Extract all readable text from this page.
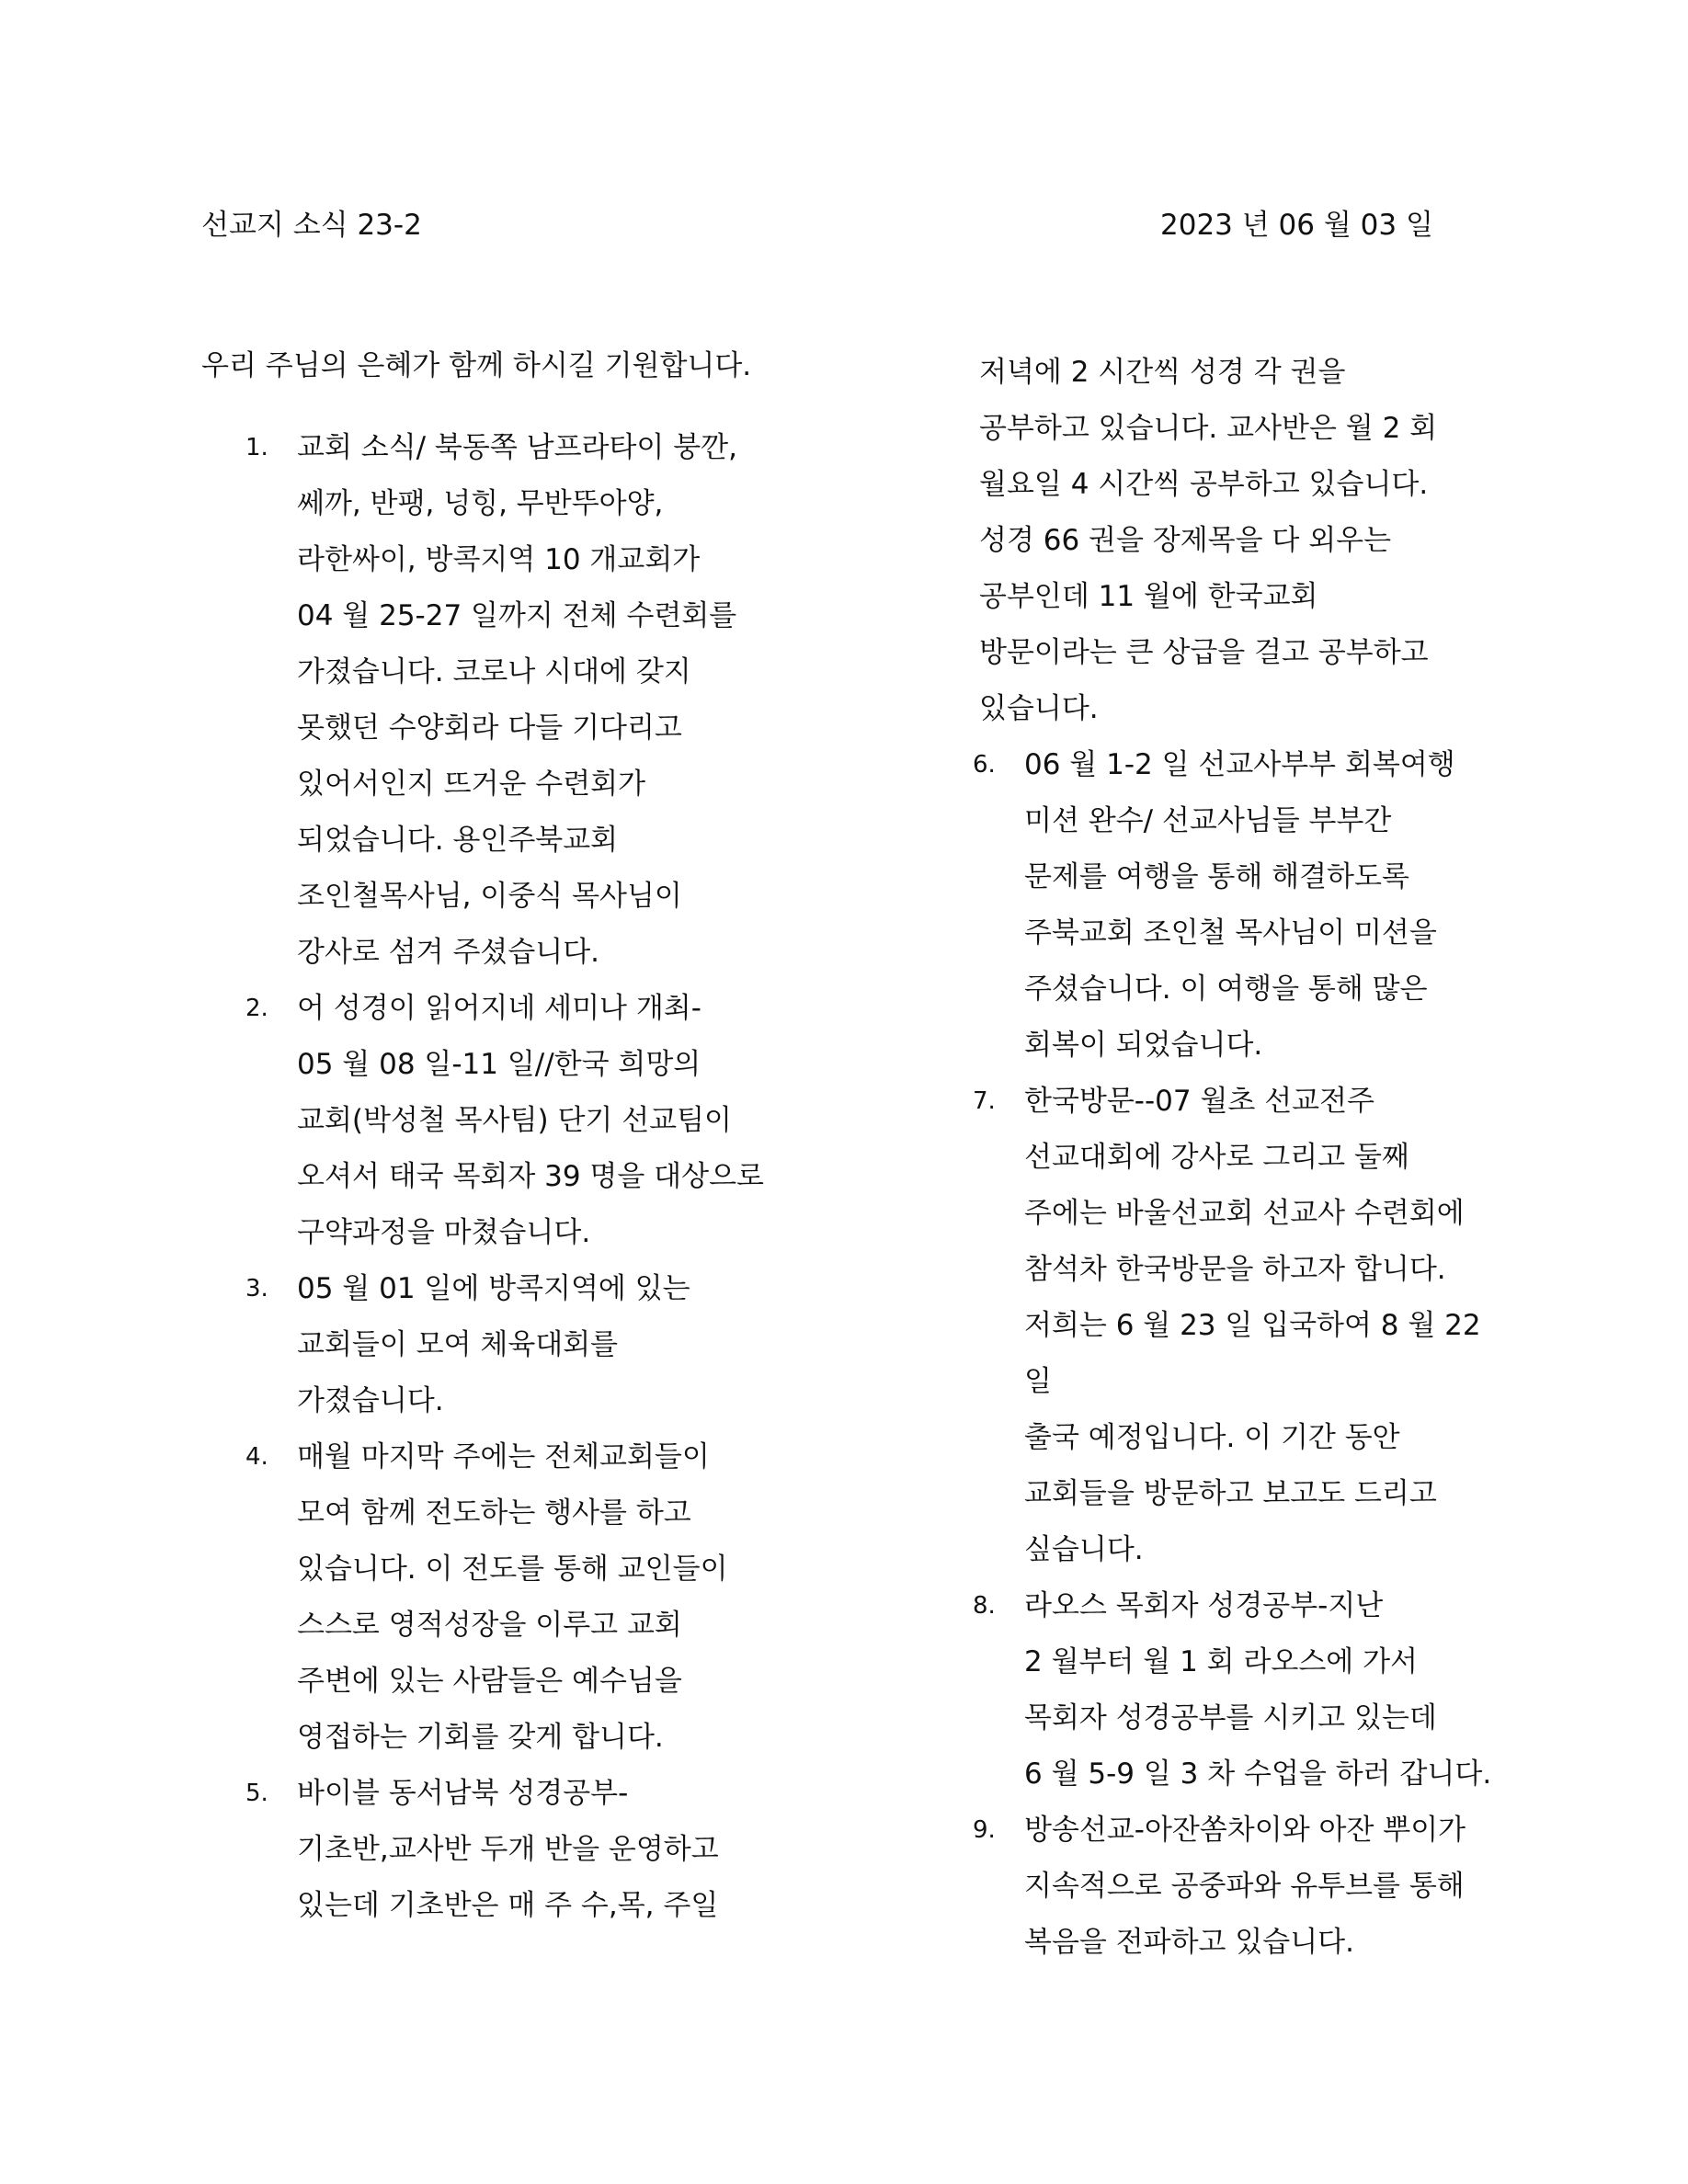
선교지 소식 23-2	2023 년 06 월 03 일
우리 주님의 은혜가 함께 하시길 기원합니다.
1. 교회 소식/ 북동쪽 남프라타이 붕깐,
쎄까, 반팽, 넝힝, 무반뚜아양,
라한싸이, 방콕지역 10 개교회가
04 월 25-27 일까지 전체 수련회를
가졌습니다. 코로나 시대에 갖지
못했던 수양회라 다들 기다리고
있어서인지 뜨거운 수련회가
되었습니다. 용인주북교회
조인철목사님, 이중식 목사님이
강사로 섬겨 주셨습니다.
2. 어 성경이 읽어지네 세미나 개최-
05 월 08 일-11 일//한국 희망의
교회(박성철 목사팀) 단기 선교팀이
오셔서 태국 목회자 39 명을 대상으로
구약과정을 마쳤습니다.
3. 05 월 01 일에 방콕지역에 있는
교회들이 모여 체육대회를
가졌습니다.
4. 매월 마지막 주에는 전체교회들이
모여 함께 전도하는 행사를 하고
있습니다. 이 전도를 통해 교인들이
스스로 영적성장을 이루고 교회
주변에 있는 사람들은 예수님을
영접하는 기회를 갖게 합니다.
5. 바이블 동서남북 성경공부-
기초반,교사반 두개 반을 운영하고
있는데 기초반은 매 주 수,목, 주일
저녁에 2 시간씩 성경 각 권을
공부하고 있습니다. 교사반은 월 2 회
월요일 4 시간씩 공부하고 있습니다.
성경 66 권을 장제목을 다 외우는
공부인데 11 월에 한국교회
방문이라는 큰 상급을 걸고 공부하고
있습니다.
6. 06 월 1-2 일 선교사부부 회복여행
미션 완수/ 선교사님들 부부간
문제를 여행을 통해 해결하도록
주북교회 조인철 목사님이 미션을
주셨습니다. 이 여행을 통해 많은
회복이 되었습니다.
7. 한국방문--07 월초 선교전주
선교대회에 강사로 그리고 둘째
주에는 바울선교회 선교사 수련회에
참석차 한국방문을 하고자 합니다.
저희는 6 월 23 일 입국하여 8 월 22 일
출국 예정입니다. 이 기간 동안
교회들을 방문하고 보고도 드리고
싶습니다.
8. 라오스 목회자 성경공부-지난
2 월부터 월 1 회 라오스에 가서
목회자 성경공부를 시키고 있는데
6 월 5-9 일 3 차 수업을 하러 갑니다.
9. 방송선교-아잔쏨차이와 아잔 뿌이가
지속적으로 공중파와 유투브를 통해
복음을 전파하고 있습니다.
